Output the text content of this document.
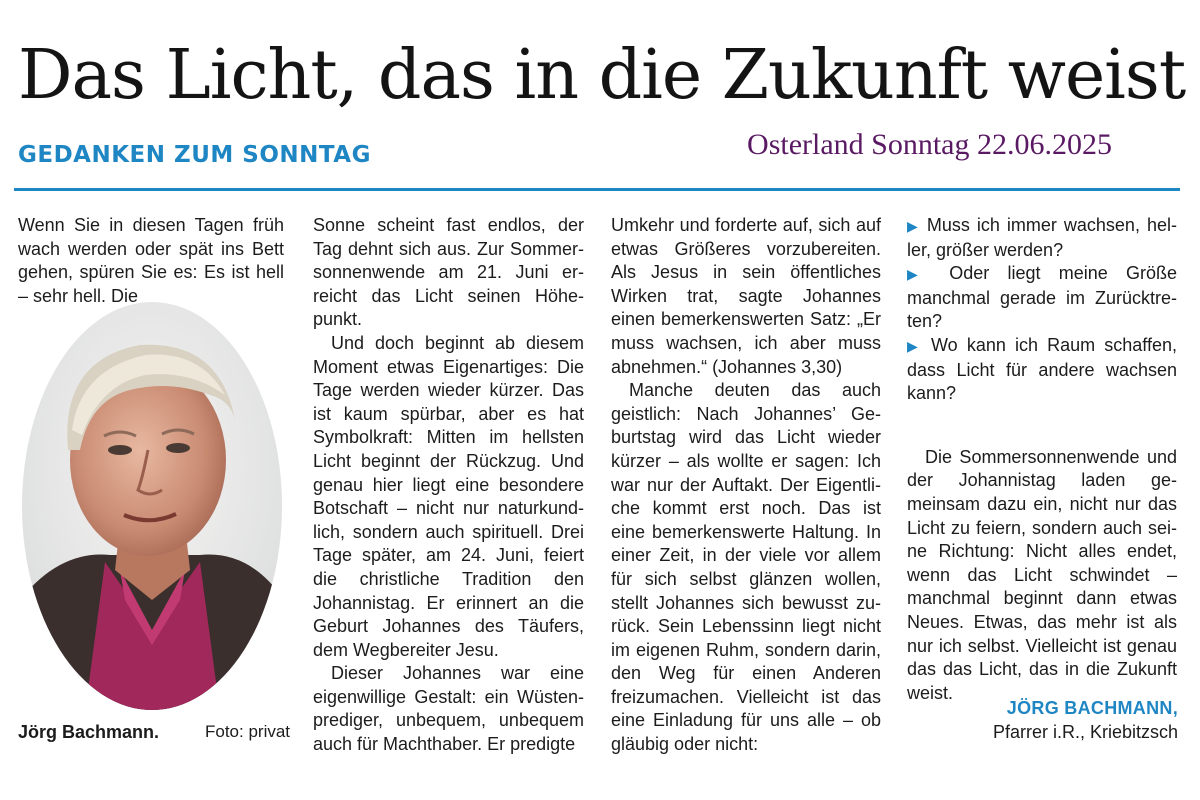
Das Licht, das in die Zukunft weist
GEDANKEN ZUM SONNTAG	Osterland Sonntag 22.06.2025

Wenn Sie in diesen Tagen früh wach werden oder spät ins Bett gehen, spüren Sie es: Es ist hell – sehr hell. Die

Jörg Bachmann.	Foto: privat

Sonne scheint fast endlos, der Tag dehnt sich aus. Zur Sommersonnenwende am 21. Juni erreicht das Licht seinen Höhepunkt.

Und doch beginnt ab diesem Moment etwas Eigenartiges: Die Tage werden wieder kürzer. Das ist kaum spürbar, aber es hat Symbolkraft: Mitten im hellsten Licht beginnt der Rückzug. Und genau hier liegt eine besondere Botschaft – nicht nur naturkundlich, sondern auch spirituell. Drei Tage später, am 24. Juni, feiert die christliche Tradition den Johannistag. Er erinnert an die Geburt Johannes des Täufers, dem Wegbereiter Jesu.

Dieser Johannes war eine eigenwillige Gestalt: ein Wüstenprediger, unbequem, unbequem auch für Machthaber. Er predigte

Umkehr und forderte auf, sich auf etwas Größeres vorzubereiten. Als Jesus in sein öffentliches Wirken trat, sagte Johannes einen bemerkenswerten Satz: „Er muss wachsen, ich aber muss abnehmen.“ (Johannes 3,30)

Manche deuten das auch geistlich: Nach Johannes’ Geburtstag wird das Licht wieder kürzer – als wollte er sagen: Ich war nur der Auftakt. Der Eigentliche kommt erst noch. Das ist eine bemerkenswerte Haltung. In einer Zeit, in der viele vor allem für sich selbst glänzen wollen, stellt Johannes sich bewusst zurück. Sein Lebenssinn liegt nicht im eigenen Ruhm, sondern darin, den Weg für einen Anderen freizumachen. Vielleicht ist das eine Einladung für uns alle – ob gläubig oder nicht:

▶ Muss ich immer wachsen, heller, größer werden?
▶ Oder liegt meine Größe manchmal gerade im Zurücktreten?
▶ Wo kann ich Raum schaffen, dass Licht für andere wachsen kann?

Die Sommersonnenwende und der Johannistag laden gemeinsam dazu ein, nicht nur das Licht zu feiern, sondern auch seine Richtung: Nicht alles endet, wenn das Licht schwindet – manchmal beginnt dann etwas Neues. Etwas, das mehr ist als nur ich selbst. Vielleicht ist genau das das Licht, das in die Zukunft weist.

JÖRG BACHMANN,
Pfarrer i.R., Kriebitzsch
